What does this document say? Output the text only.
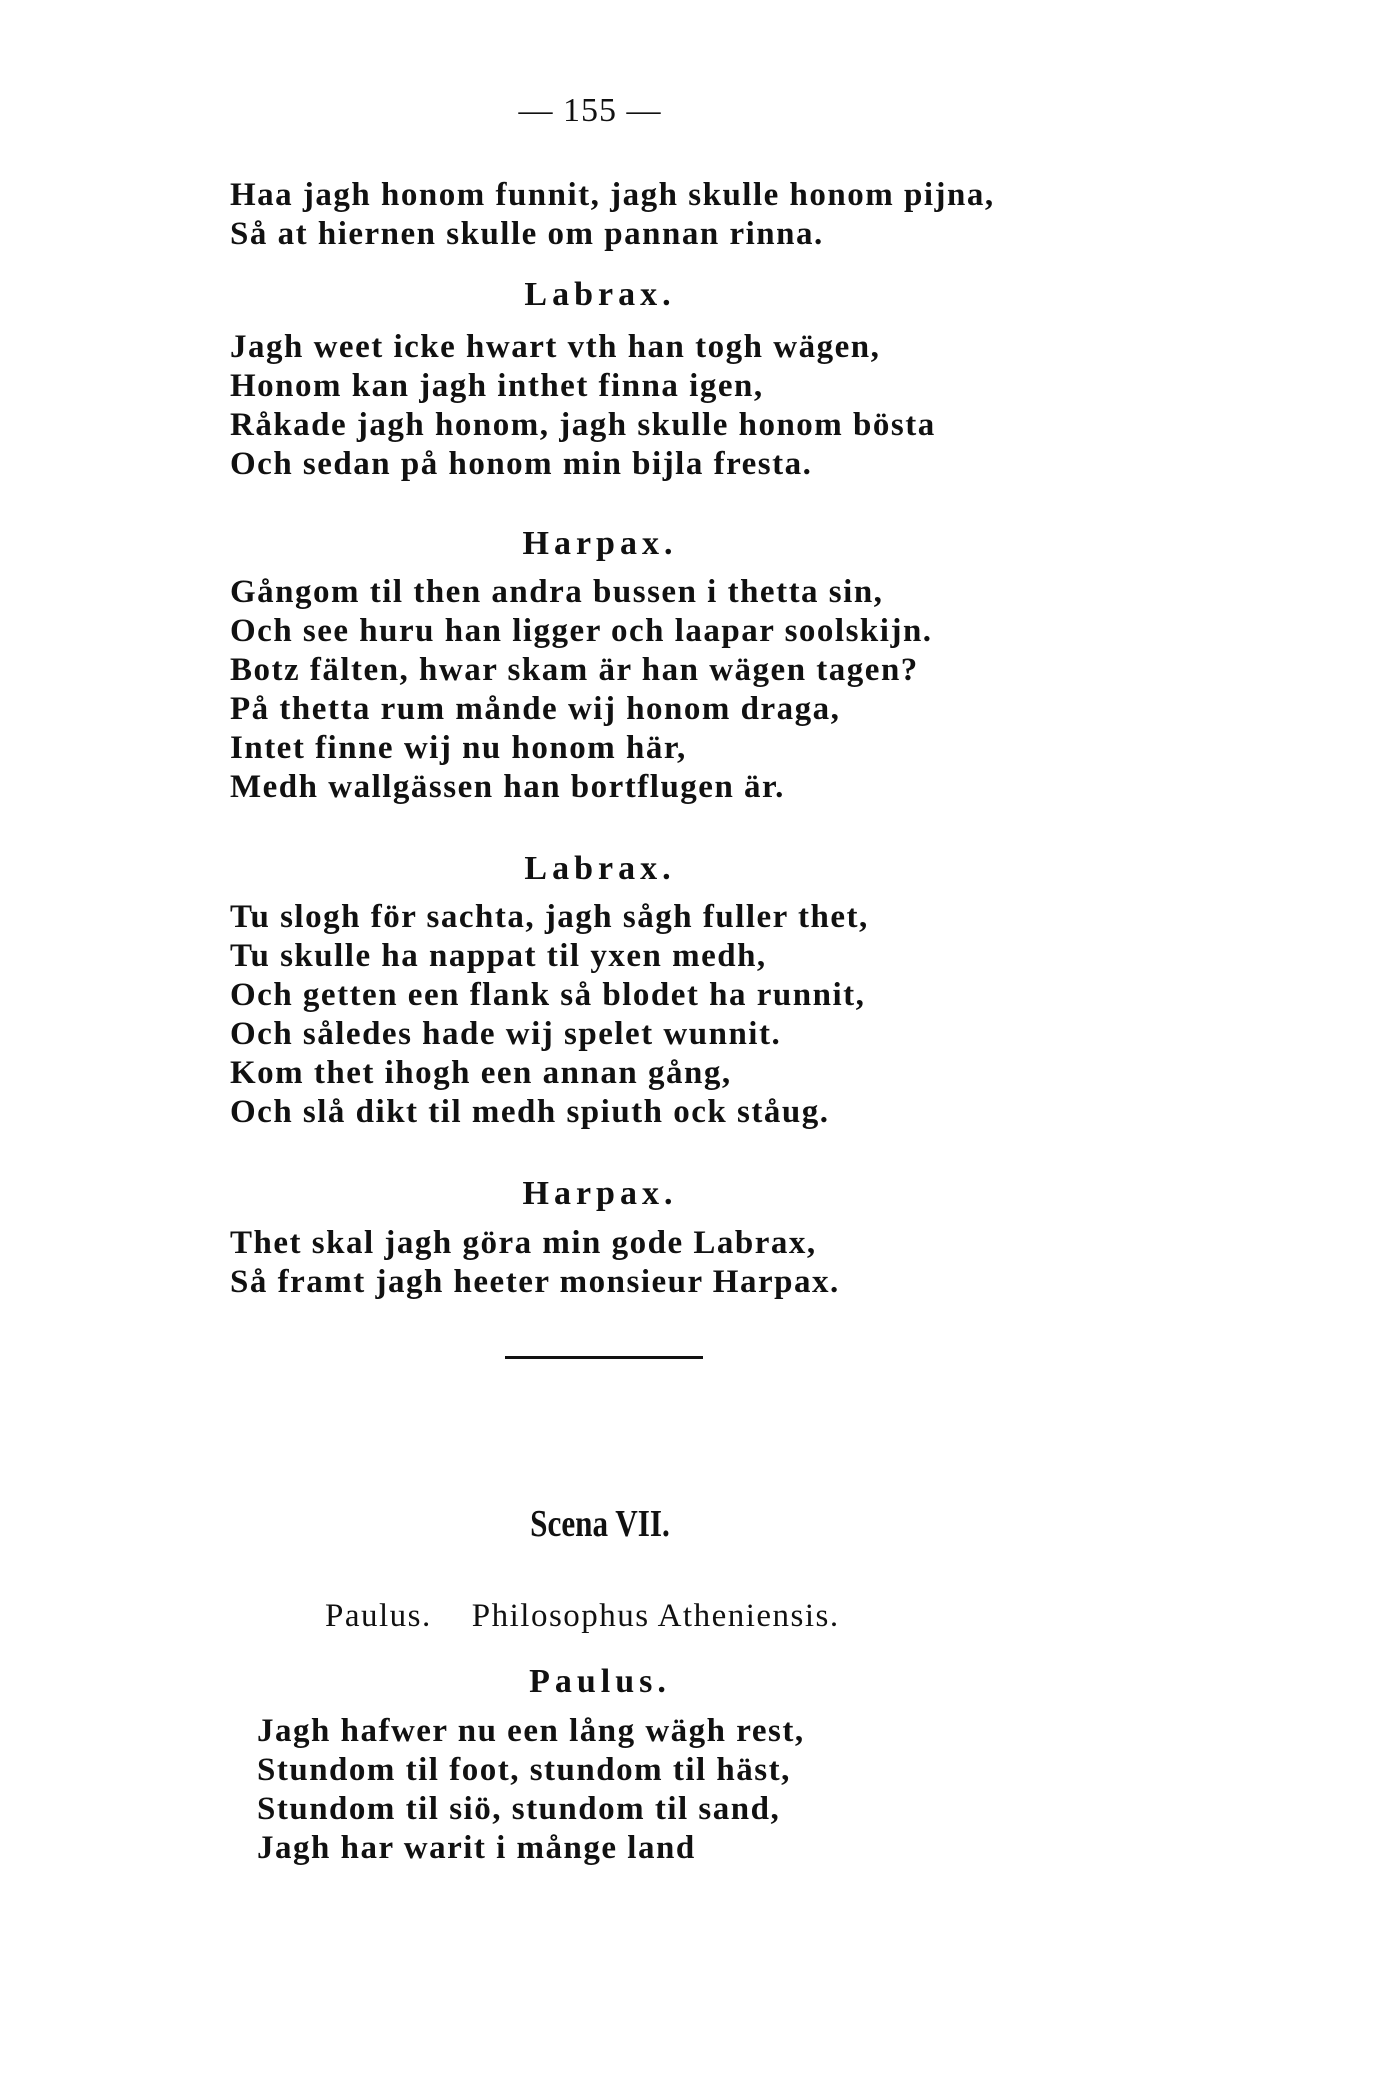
— 155 —
Haa jagh honom funnit, jagh skulle honom pijna,
Så at hiernen skulle om pannan rinna.
Labrax.
Jagh weet icke hwart vth han togh wägen,
Honom kan jagh inthet finna igen,
Råkade jagh honom, jagh skulle honom bösta
Och sedan på honom min bijla fresta.
Harpax.
Gångom til then andra bussen i thetta sin,
Och see huru han ligger och laapar soolskijn.
Botz fälten, hwar skam är han wägen tagen?
På thetta rum månde wij honom draga,
Intet finne wij nu honom här,
Medh wallgässen han bortflugen är.
Labrax.
Tu slogh för sachta, jagh sågh fuller thet,
Tu skulle ha nappat til yxen medh,
Och getten een flank så blodet ha runnit,
Och således hade wij spelet wunnit.
Kom thet ihogh een annan gång,
Och slå dikt til medh spiuth ock ståug.
Harpax.
Thet skal jagh göra min gode Labrax,
Så framt jagh heeter monsieur Harpax.
Scena VII.
Paulus. Philosophus Atheniensis.
Paulus.
Jagh hafwer nu een lång wägh rest,
Stundom til foot, stundom til häst,
Stundom til siö, stundom til sand,
Jagh har warit i månge land
